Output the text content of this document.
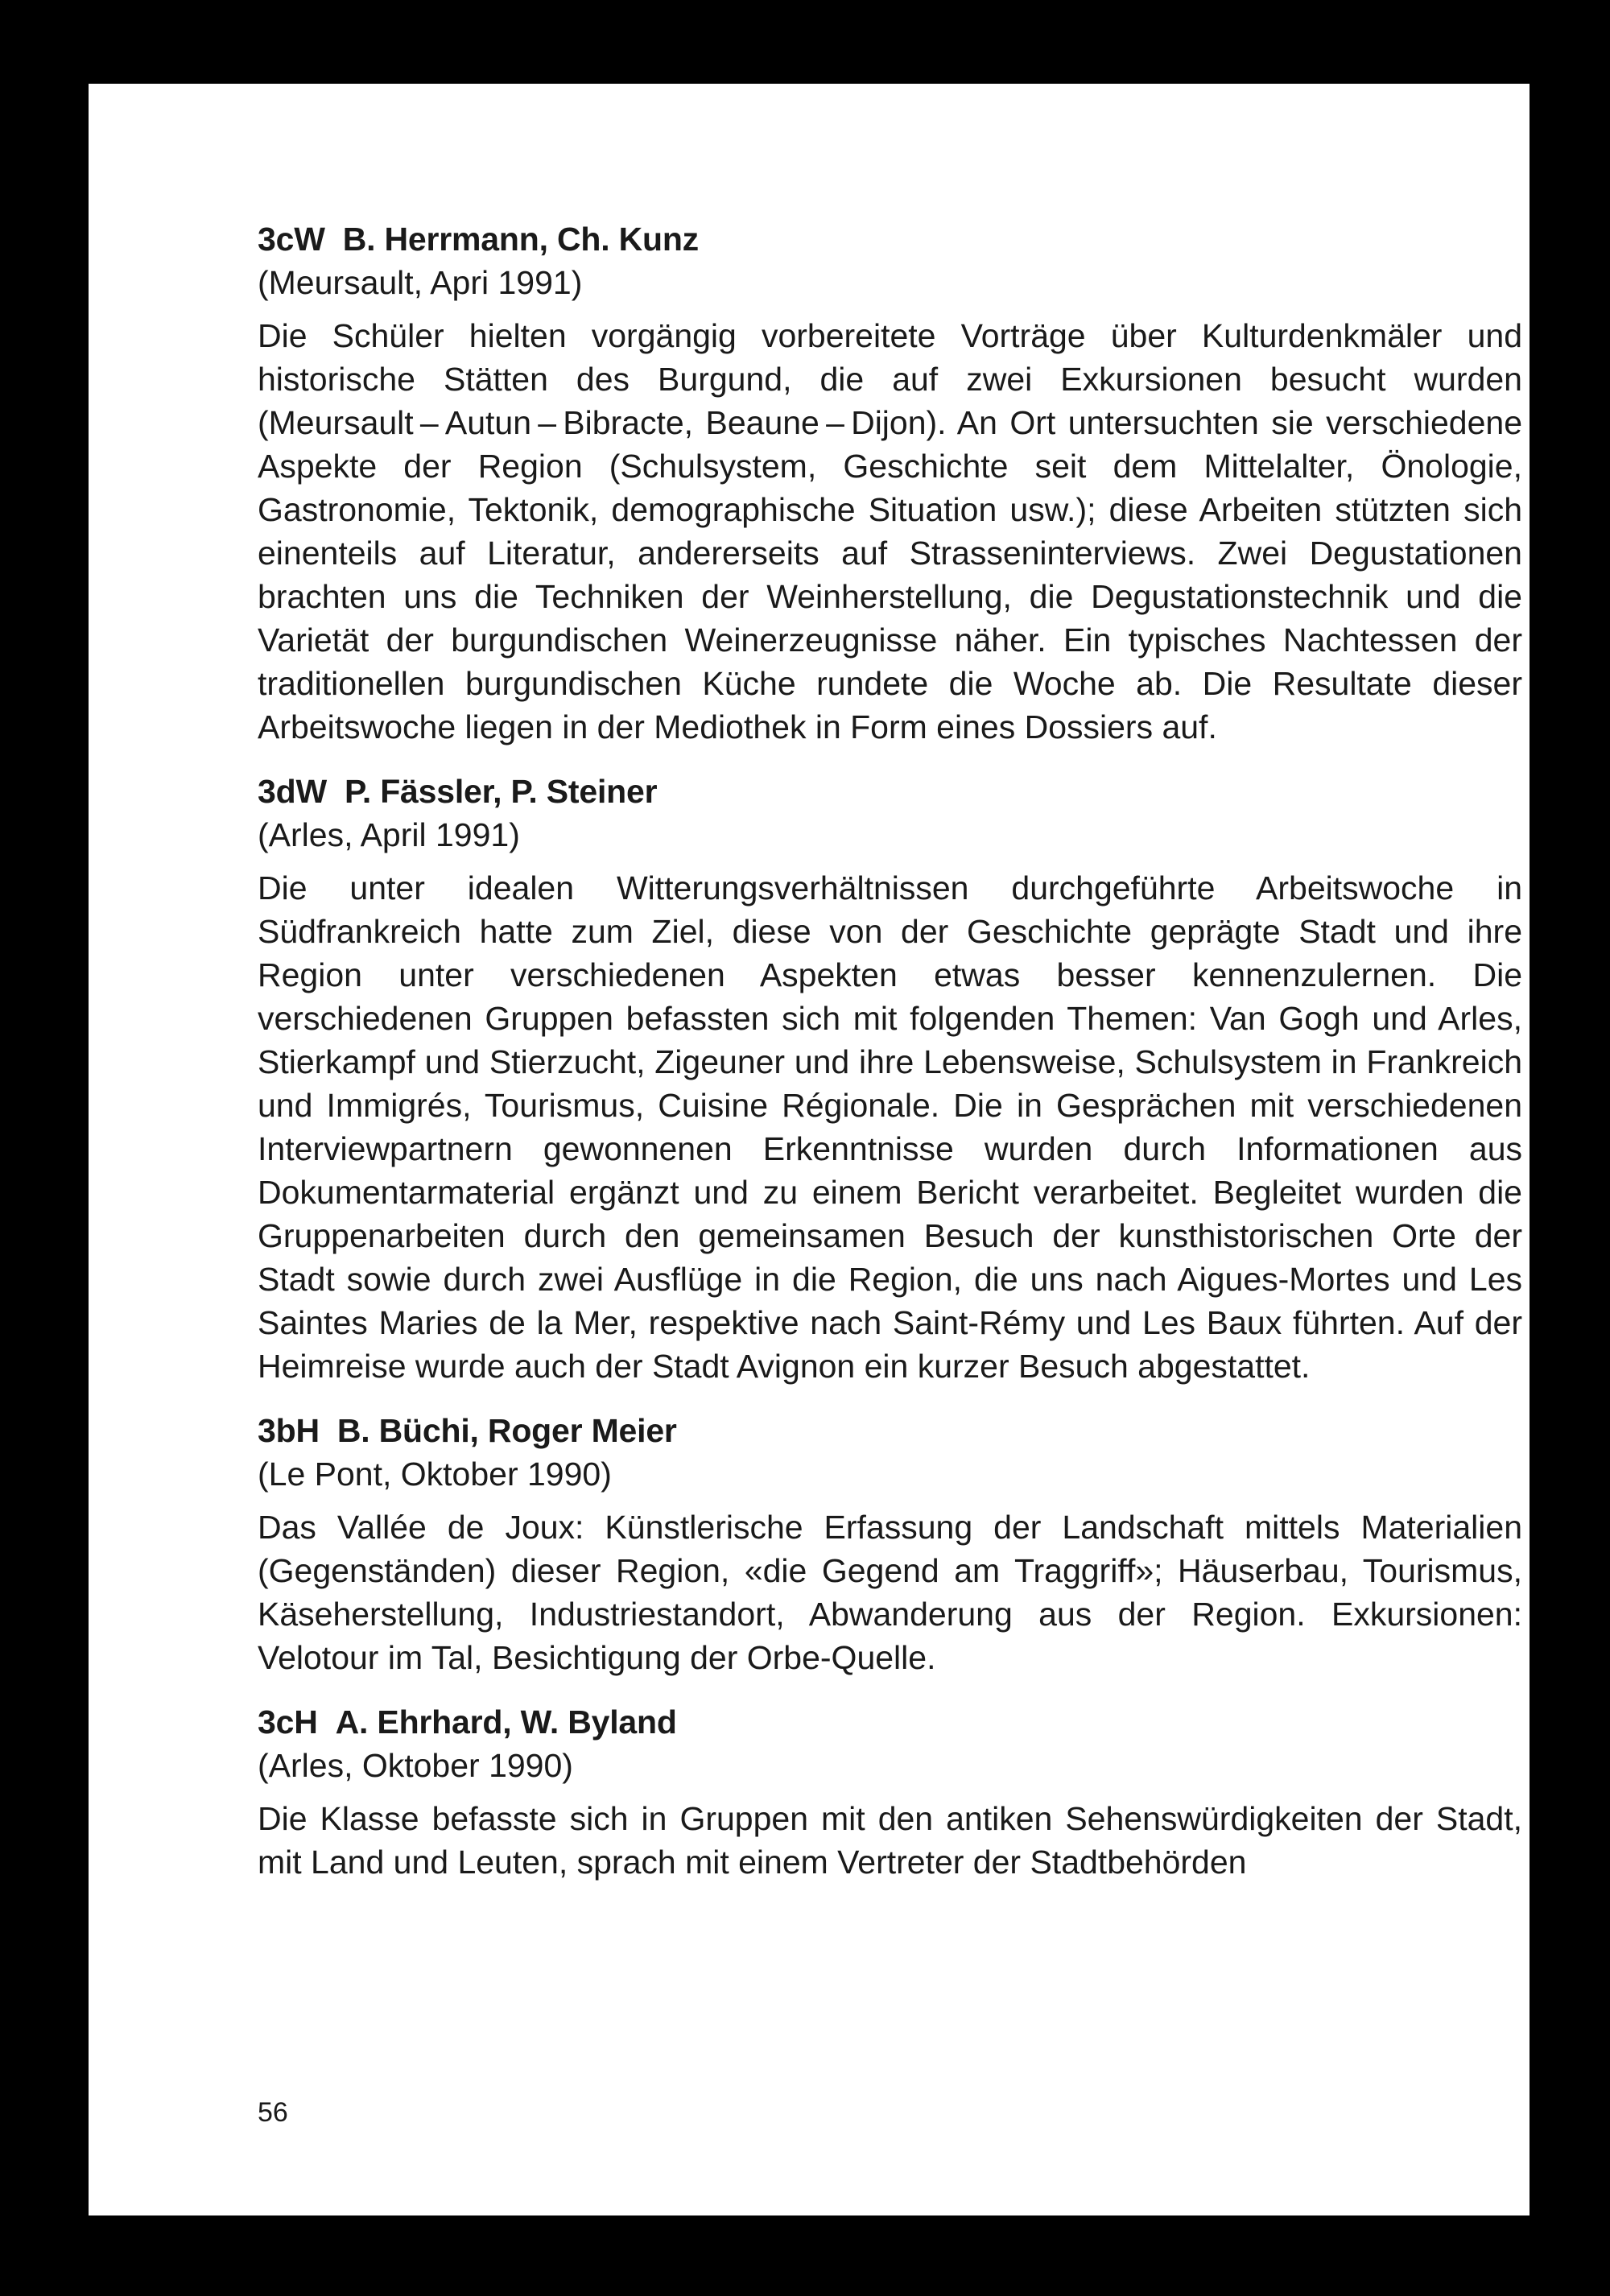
3cW B. Herrmann, Ch. Kunz

(Meursault, Apri 1991)

Die Schüler hielten vorgängig vorbereitete Vorträge über Kulturdenkmäler und historische Stätten des Burgund, die auf zwei Exkursionen besucht wurden (Meursault – Autun – Bibracte, Beaune – Dijon). An Ort untersuchten sie verschiedene Aspekte der Region (Schulsystem, Geschichte seit dem Mittelalter, Önologie, Gastronomie, Tektonik, demographische Situation usw.); diese Arbeiten stützten sich einenteils auf Literatur, andererseits auf Strasseninterviews. Zwei Degustationen brachten uns die Techniken der Weinherstellung, die Degustationstechnik und die Varietät der burgundischen Weinerzeugnisse näher. Ein typisches Nachtessen der traditionellen burgundischen Küche rundete die Woche ab. Die Resultate dieser Arbeitswoche liegen in der Mediothek in Form eines Dossiers auf.

3dW P. Fässler, P. Steiner

(Arles, April 1991)

Die unter idealen Witterungsverhältnissen durchgeführte Arbeitswoche in Südfrankreich hatte zum Ziel, diese von der Geschichte geprägte Stadt und ihre Region unter verschiedenen Aspekten etwas besser kennenzulernen. Die verschiedenen Gruppen befassten sich mit folgenden Themen: Van Gogh und Arles, Stierkampf und Stierzucht, Zigeuner und ihre Lebensweise, Schulsystem in Frankreich und Immigrés, Tourismus, Cuisine Régionale. Die in Gesprächen mit verschiedenen Interviewpartnern gewonnenen Erkenntnisse wurden durch Informationen aus Dokumentarmaterial ergänzt und zu einem Bericht verarbeitet. Begleitet wurden die Gruppenarbeiten durch den gemeinsamen Besuch der kunsthistorischen Orte der Stadt sowie durch zwei Ausflüge in die Region, die uns nach Aigues-Mortes und Les Saintes Maries de la Mer, respektive nach Saint-Rémy und Les Baux führten. Auf der Heimreise wurde auch der Stadt Avignon ein kurzer Besuch abgestattet.

3bH B. Büchi, Roger Meier

(Le Pont, Oktober 1990)

Das Vallée de Joux: Künstlerische Erfassung der Landschaft mittels Materialien (Gegenständen) dieser Region, «die Gegend am Traggriff»; Häuserbau, Tourismus, Käseherstellung, Industriestandort, Abwanderung aus der Region. Exkursionen: Velotour im Tal, Besichtigung der Orbe-Quelle.

3cH A. Ehrhard, W. Byland

(Arles, Oktober 1990)

Die Klasse befasste sich in Gruppen mit den antiken Sehenswürdigkeiten der Stadt, mit Land und Leuten, sprach mit einem Vertreter der Stadtbehörden

56
